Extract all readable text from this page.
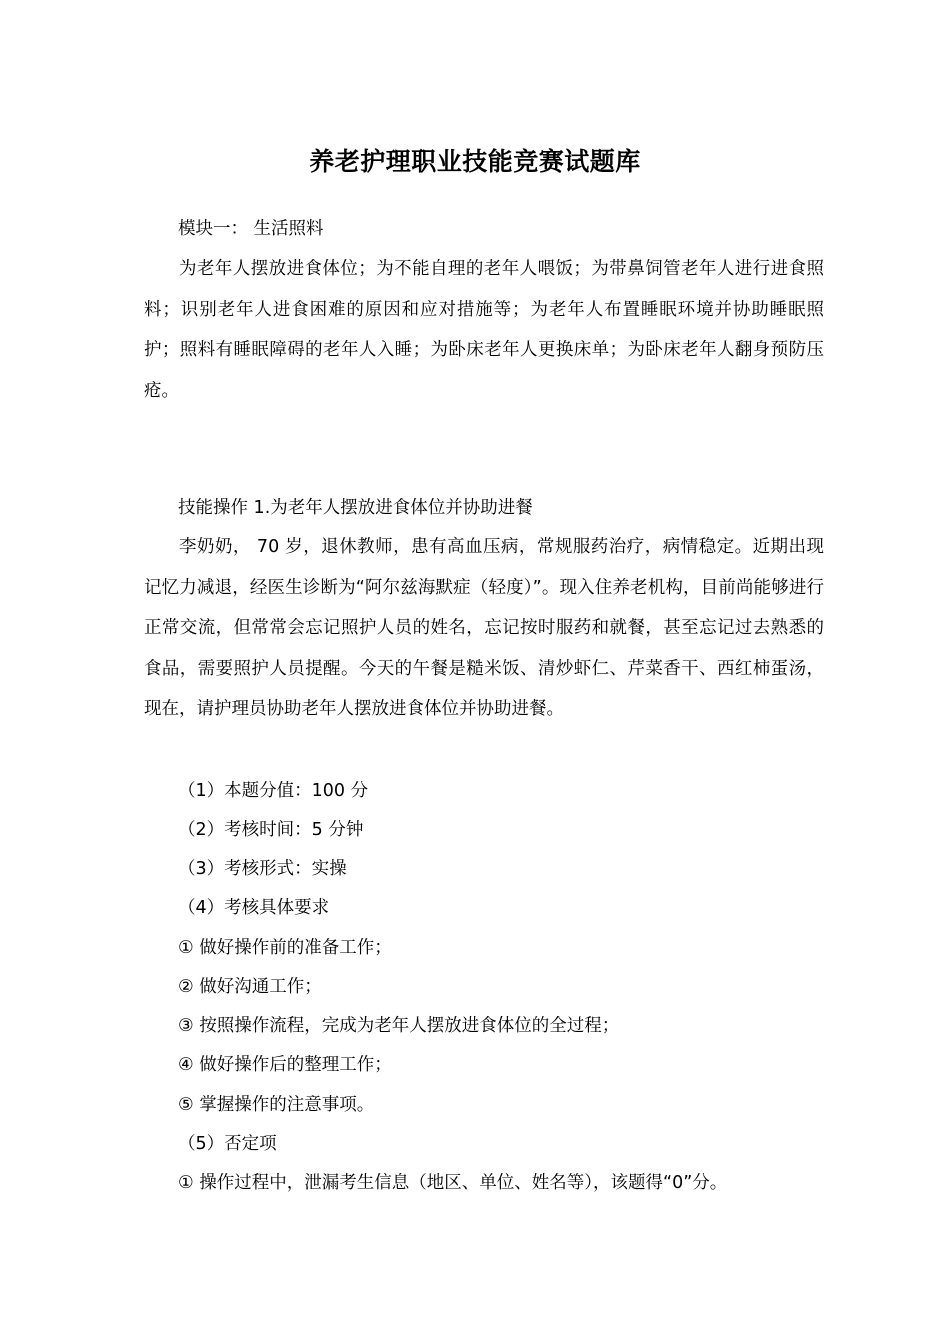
养老护理职业技能竞赛试题库
模块一： 生活照料

为老年人摆放进食体位；为不能自理的老年人喂饭；为带鼻饲管老年人进行进食照料；识别老年人进食困难的原因和应对措施等；为老年人布置睡眠环境并协助睡眠照护；照料有睡眠障碍的老年人入睡；为卧床老年人更换床单；为卧床老年人翻身预防压疮。

技能操作 1.为老年人摆放进食体位并协助进餐

李奶奶， 70 岁，退休教师，患有高血压病，常规服药治疗，病情稳定。近期出现记忆力减退，经医生诊断为“阿尔兹海默症（轻度）”。现入住养老机构，目前尚能够进行正常交流，但常常会忘记照护人员的姓名，忘记按时服药和就餐，甚至忘记过去熟悉的食品，需要照护人员提醒。今天的午餐是糙米饭、清炒虾仁、芹菜香干、西红柿蛋汤，现在，请护理员协助老年人摆放进食体位并协助进餐。

（1）本题分值：100 分
（2）考核时间：5 分钟
（3）考核形式：实操
（4）考核具体要求
① 做好操作前的准备工作；
② 做好沟通工作；
③ 按照操作流程，完成为老年人摆放进食体位的全过程；
④ 做好操作后的整理工作；
⑤ 掌握操作的注意事项。
（5）否定项
① 操作过程中，泄漏考生信息（地区、单位、姓名等），该题得“0”分。
